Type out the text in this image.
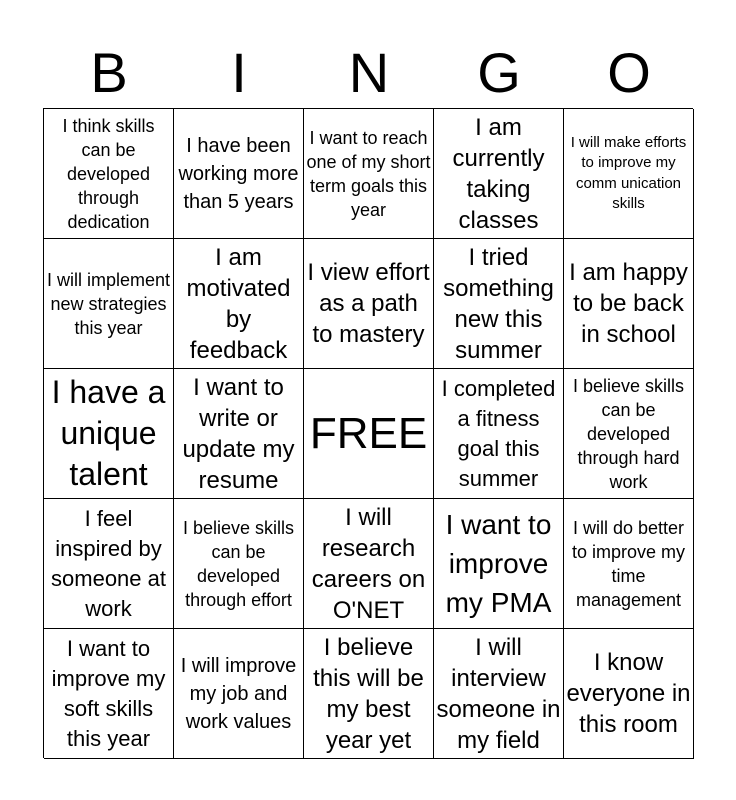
B	I	N	G	O
I think skills can be developed through dedication
I have been working more than 5 years
I want to reach one of my short term goals this year
I am currently taking classes
I will make efforts to improve my comm unication skills
I will implement new strategies this year
I am motivated by feedback
I view effort as a path to mastery
I tried something new this summer
I am happy to be back in school
I have a unique talent
I want to write or update my resume
FREE
I completed a fitness goal this summer
I believe skills can be developed through hard work
I feel inspired by someone at work
I believe skills can be developed through effort
I will research careers on O'NET
I want to improve my PMA
I will do better to improve my time management
I want to improve my soft skills this year
I will improve my job and work values
I believe this will be my best year yet
I will interview someone in my field
I know everyone in this room
